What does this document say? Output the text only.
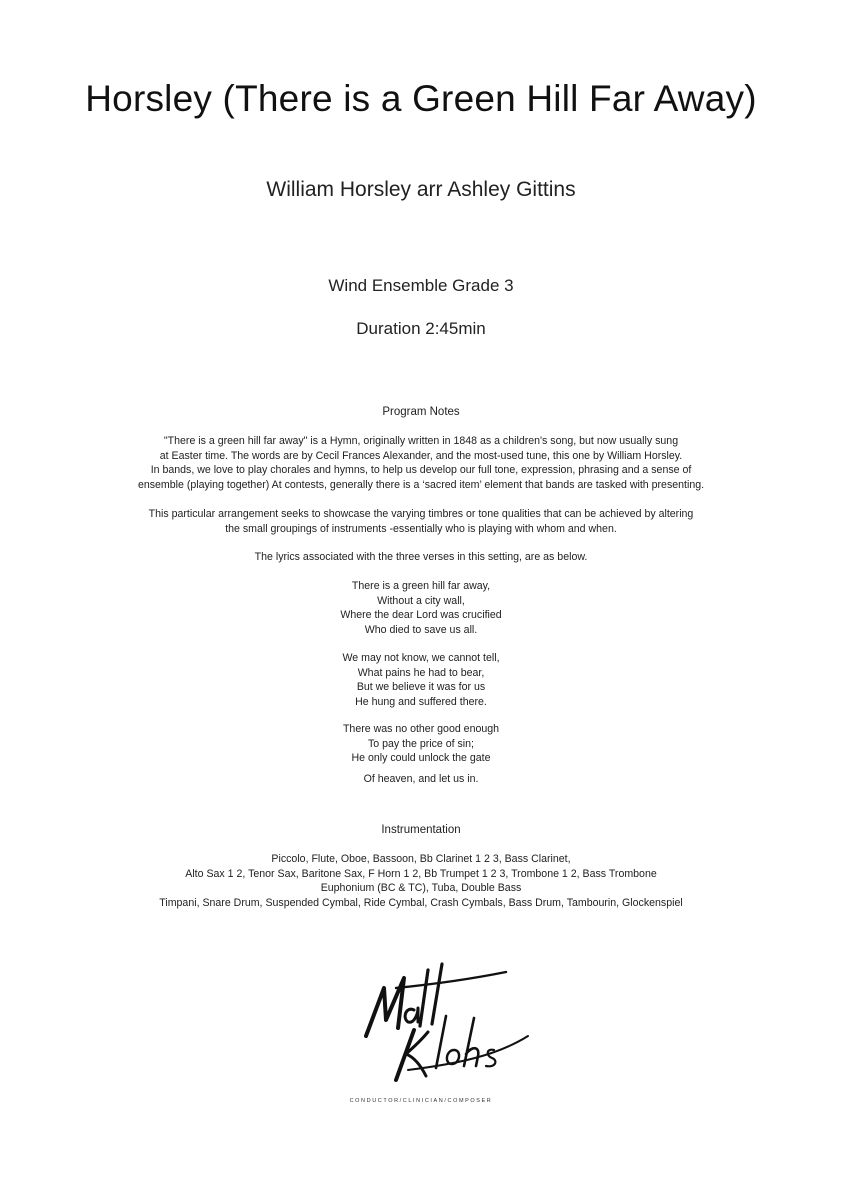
Horsley (There is a Green Hill Far Away)
William Horsley arr Ashley Gittins
Wind Ensemble Grade 3
Duration 2:45min
Program Notes
"There is a green hill far away" is a Hymn, originally written in 1848 as a children's song, but now usually sung
at Easter time. The words are by Cecil Frances Alexander, and the most-used tune, this one by William Horsley.
In bands, we love to play chorales and hymns, to help us develop our full tone, expression, phrasing and a sense of
ensemble (playing together) At contests, generally there is a ‘sacred item’ element that bands are tasked with presenting.
This particular arrangement seeks to showcase the varying timbres or tone qualities that can be achieved by altering
the small groupings of instruments -essentially who is playing with whom and when.
The lyrics associated with the three verses in this setting, are as below.
There is a green hill far away,
Without a city wall,
Where the dear Lord was crucified
Who died to save us all.
We may not know, we cannot tell,
What pains he had to bear,
But we believe it was for us
He hung and suffered there.
There was no other good enough
To pay the price of sin;
He only could unlock the gate
Of heaven, and let us in.
Instrumentation
Piccolo, Flute, Oboe, Bassoon, Bb Clarinet 1 2 3, Bass Clarinet,
Alto Sax 1 2, Tenor Sax, Baritone Sax, F Horn 1 2, Bb Trumpet 1 2 3, Trombone 1 2, Bass Trombone
Euphonium (BC & TC), Tuba, Double Bass
Timpani, Snare Drum, Suspended Cymbal, Ride Cymbal, Crash Cymbals, Bass Drum, Tambourin, Glockenspiel
CONDUCTOR/CLINICIAN/COMPOSER
